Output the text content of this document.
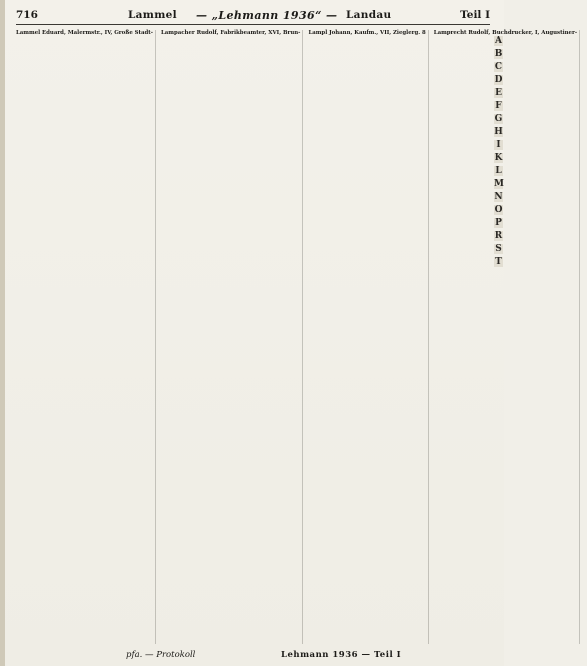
716	Lammel — „Lehmann 1936“ — Landau	Teil I
Lammel Eduard, Malermstr., IV, Große Stadt- Lampacher Rudolf, Fabrikbeamter, XVI, Brun- Lampl Johann, Kaufm., VII, Zieglerg. 8 Lamprecht Rudolf, Buchdrucker, I, Augustiner-
A
B
C
D
E
F
G
H
I
K
L
M
N
O
P
R
S
T
pfa. — Protokoll	Lehmann 1936 — Teil I
